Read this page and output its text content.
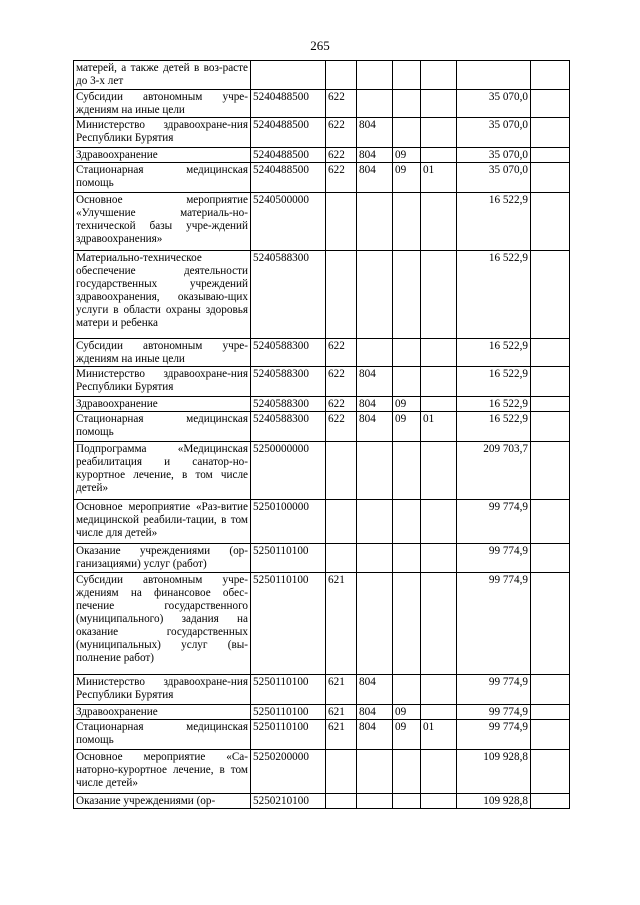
265
матерей, а также детей в воз-раcте до 3-х лет							
Субсидии автономным учре-ждениям на иные цели	5240488500	622				35 070,0	
Министерство здравоохране-ния Республики Бурятия	5240488500	622	804			35 070,0	
Здравоохранение	5240488500	622	804	09		35 070,0	
Стационарная медицинская помощь	5240488500	622	804	09	01	35 070,0	
Основное мероприятие «Улучшение материаль-но-технической базы учре-ждений здравоохранения»	5240500000					16 522,9	
Материально-техническое обеспечение деятельности государственных учреждений здравоохранения, оказываю-щих услуги в области охраны здоровья матери и ребенка	5240588300					16 522,9	
Субсидии автономным учре-ждениям на иные цели	5240588300	622				16 522,9	
Министерство здравоохране-ния Республики Бурятия	5240588300	622	804			16 522,9	
Здравоохранение	5240588300	622	804	09		16 522,9	
Стационарная медицинская помощь	5240588300	622	804	09	01	16 522,9	
Подпрограмма «Медицинская реабилитация и санатор-но-курортное лечение, в том числе детей»	5250000000					209 703,7	
Основное мероприятие «Раз-витие медицинской реабили-тации, в том числе для детей»	5250100000					99 774,9	
Оказание учреждениями (ор-ганизациями) услуг (работ)	5250110100					99 774,9	
Субсидии автономным учре-ждениям на финансовое обес-печение государственного (муниципального) задания на оказание государственных (муниципальных) услуг (вы-полнение работ)	5250110100	621				99 774,9	
Министерство здравоохране-ния Республики Бурятия	5250110100	621	804			99 774,9	
Здравоохранение	5250110100	621	804	09		99 774,9	
Стационарная медицинская помощь	5250110100	621	804	09	01	99 774,9	
Основное мероприятие «Са-наторно-курортное лечение, в том числе детей»	5250200000					109 928,8	
Оказание учреждениями (ор-	5250210100					109 928,8	
